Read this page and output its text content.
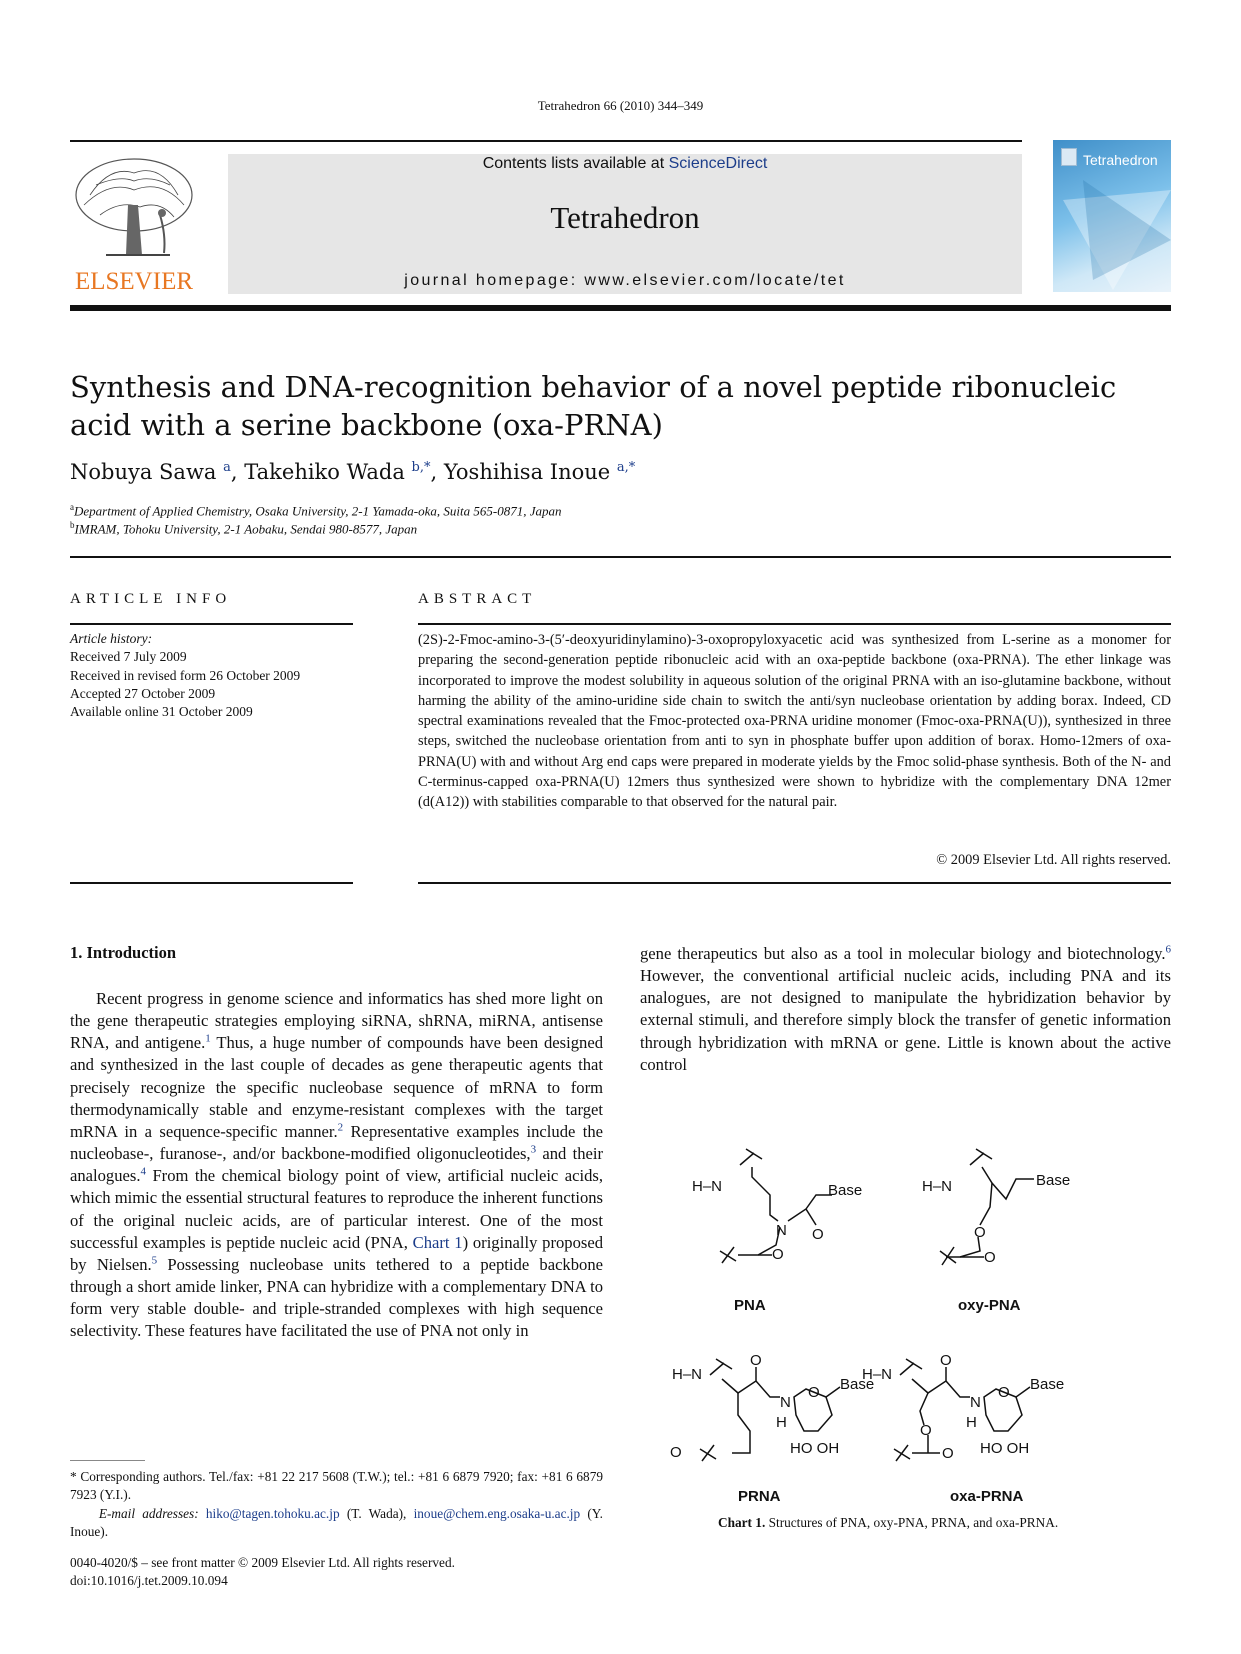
Tetrahedron 66 (2010) 344–349
ELSEVIER
Contents lists available at ScienceDirect
Tetrahedron
journal homepage: www.elsevier.com/locate/tet
Tetrahedron
Synthesis and DNA-recognition behavior of a novel peptide ribonucleic acid with a serine backbone (oxa-PRNA)
Nobuya Sawa $^a$, Takehiko Wada $^{b,*}$, Yoshihisa Inoue $^{a,*}$
$^a$Department of Applied Chemistry, Osaka University, 2-1 Yamada-oka, Suita 565-0871, Japan
$^b$IMRAM, Tohoku University, 2-1 Aobaku, Sendai 980-8577, Japan
ARTICLE INFO	ABSTRACT
Article history:
Received 7 July 2009
Received in revised form 26 October 2009
Accepted 27 October 2009
Available online 31 October 2009
(2S)-2-Fmoc-amino-3-(5′-deoxyuridinylamino)-3-oxopropyloxyacetic acid was synthesized from L-serine as a monomer for preparing the second-generation peptide ribonucleic acid with an oxa-peptide backbone (oxa-PRNA). The ether linkage was incorporated to improve the modest solubility in aqueous solution of the original PRNA with an iso-glutamine backbone, without harming the ability of the amino-uridine side chain to switch the anti/syn nucleobase orientation by adding borax. Indeed, CD spectral examinations revealed that the Fmoc-protected oxa-PRNA uridine monomer (Fmoc-oxa-PRNA(U)), synthesized in three steps, switched the nucleobase orientation from anti to syn in phosphate buffer upon addition of borax. Homo-12mers of oxa-PRNA(U) with and without Arg end caps were prepared in moderate yields by the Fmoc solid-phase synthesis. Both of the N- and C-terminus-capped oxa-PRNA(U) 12mers thus synthesized were shown to hybridize with the complementary DNA 12mer (d(A12)) with stabilities comparable to that observed for the natural pair.
© 2009 Elsevier Ltd. All rights reserved.
1. Introduction
Recent progress in genome science and informatics has shed more light on the gene therapeutic strategies employing siRNA, shRNA, miRNA, antisense RNA, and antigene.$^1$ Thus, a huge number of compounds have been designed and synthesized in the last couple of decades as gene therapeutic agents that precisely recognize the specific nucleobase sequence of mRNA to form thermodynamically stable and enzyme-resistant complexes with the target mRNA in a sequence-specific manner.$^2$ Representative examples include the nucleobase-, furanose-, and/or backbone-modified oligonucleotides,$^3$ and their analogues.$^4$ From the chemical biology point of view, artificial nucleic acids, which mimic the essential structural features to reproduce the inherent functions of the original nucleic acids, are of particular interest. One of the most successful examples is peptide nucleic acid (PNA, Chart 1) originally proposed by Nielsen.$^5$ Possessing nucleobase units tethered to a peptide backbone through a short amide linker, PNA can hybridize with a complementary DNA to form very stable double- and triple-stranded complexes with high sequence selectivity. These features have facilitated the use of PNA not only in
gene therapeutics but also as a tool in molecular biology and biotechnology.$^6$ However, the conventional artificial nucleic acids, including PNA and its analogues, are not designed to manipulate the hybridization behavior by external stimuli, and therefore simply block the transfer of genetic information through hybridization with mRNA or gene. Little is known about the active control
H–N	Base
N O
O
H–N	Base
O
O
H–N
O
N
H
O Base
O	HO OH
H–N
O
N
H
O Base
O
O HO OH
PNA	oxy-PNA
PRNA	oxa-PRNA
Chart 1. Structures of PNA, oxy-PNA, PRNA, and oxa-PRNA.
* Corresponding authors. Tel./fax: +81 22 217 5608 (T.W.); tel.: +81 6 6879 7920; fax: +81 6 6879 7923 (Y.I.).
E-mail addresses: hiko@tagen.tohoku.ac.jp (T. Wada), inoue@chem.eng.osaka-u.ac.jp (Y. Inoue).
0040-4020/$ – see front matter © 2009 Elsevier Ltd. All rights reserved.
doi:10.1016/j.tet.2009.10.094
